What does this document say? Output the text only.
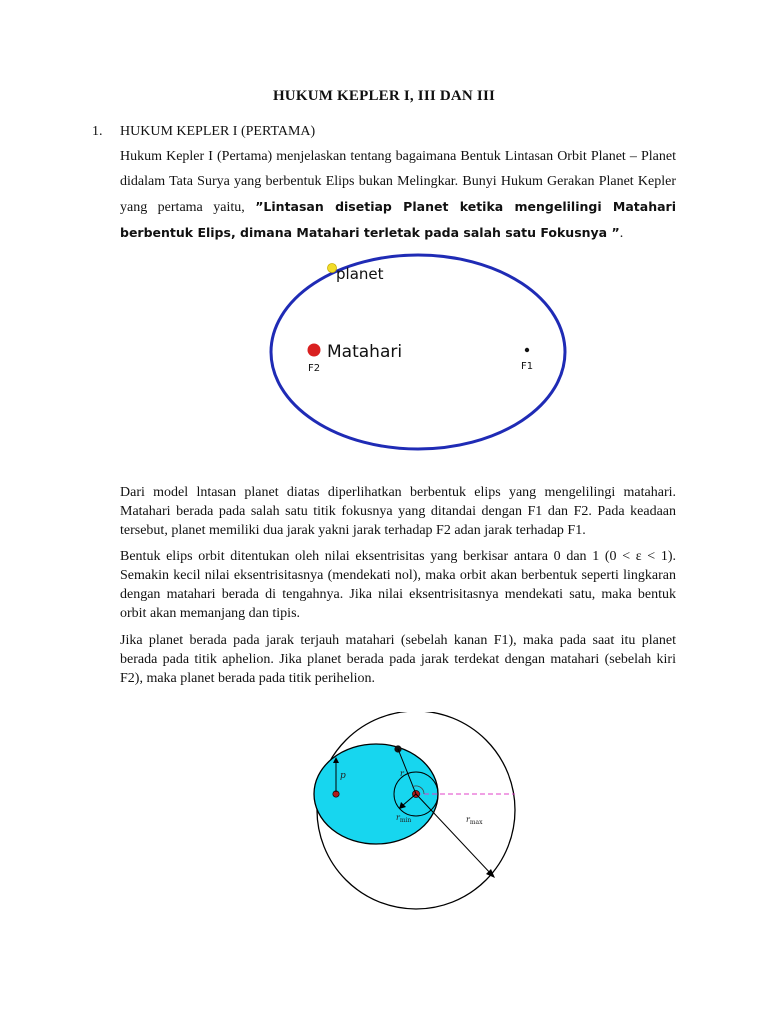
HUKUM KEPLER I, III DAN III
1. HUKUM KEPLER I (PERTAMA)
Hukum Kepler I (Pertama) menjelaskan tentang bagaimana Bentuk Lintasan Orbit Planet – Planet didalam Tata Surya yang berbentuk Elips bukan Melingkar. Bunyi Hukum Gerakan Planet Kepler yang pertama yaitu, ”Lintasan disetiap Planet ketika mengelilingi Matahari berbentuk Elips, dimana Matahari terletak pada salah satu Fokusnya ”.
planet
Matahari
F2	F1
Dari model lntasan planet diatas diperlihatkan berbentuk elips yang mengelilingi matahari. Matahari berada pada salah satu titik fokusnya yang ditandai dengan F1 dan F2. Pada keadaan tersebut, planet memiliki dua jarak yakni jarak terhadap F2 adan jarak terhadap F1.
Bentuk elips orbit ditentukan oleh nilai eksentrisitas yang berkisar antara 0 dan 1 (0 < ε < 1). Semakin kecil nilai eksentrisitasnya (mendekati nol), maka orbit akan berbentuk seperti lingkaran dengan matahari berada di tengahnya. Jika nilai eksentrisitasnya mendekati satu, maka bentuk orbit akan memanjang dan tipis.
Jika planet berada pada jarak terjauh matahari (sebelah kanan F1), maka pada saat itu planet berada pada titik aphelion. Jika planet berada pada jarak terdekat dengan matahari (sebelah kiri F2), maka planet berada pada titik perihelion.
p	r
$r_{min}$	$r_{max}$
